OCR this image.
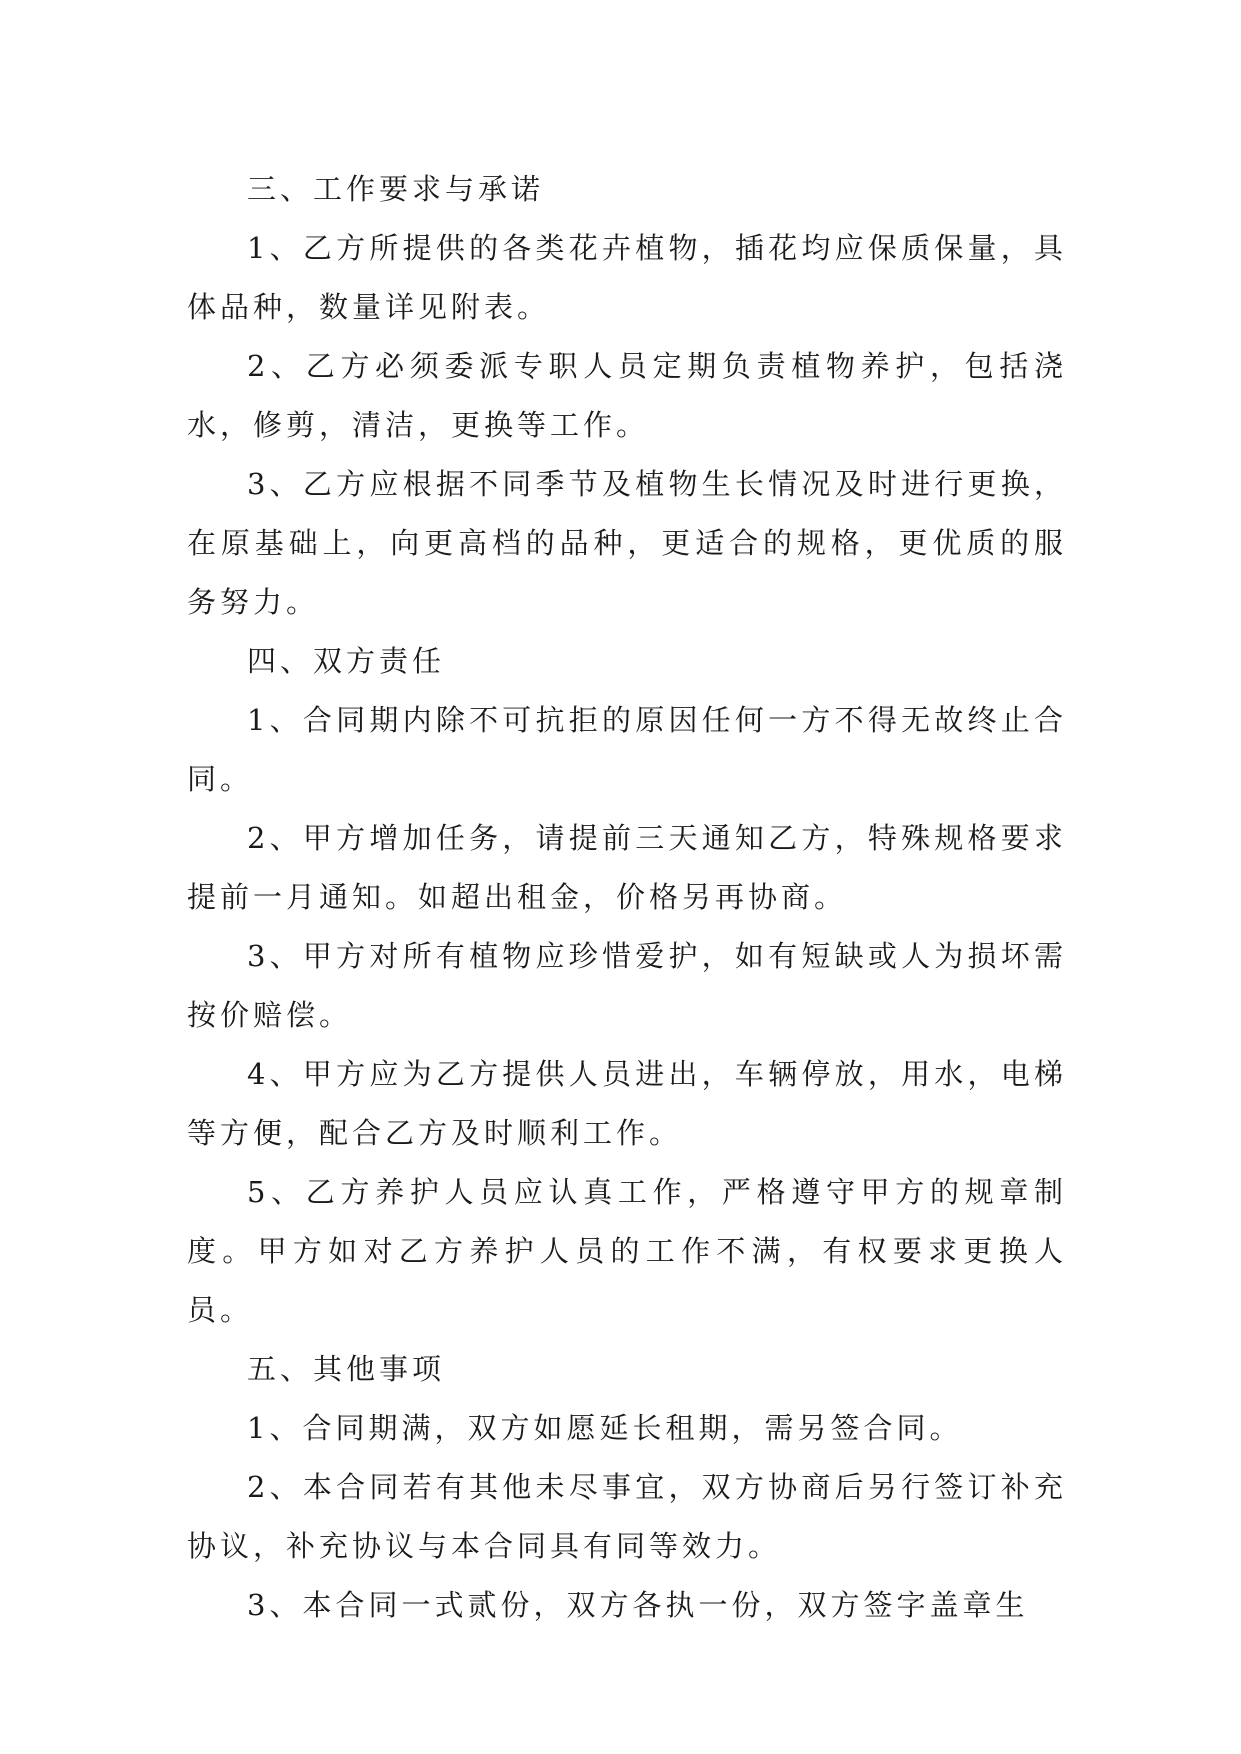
三、工作要求与承诺

1、乙方所提供的各类花卉植物，插花均应保质保量，具体品种，数量详见附表。

2、乙方必须委派专职人员定期负责植物养护，包括浇水，修剪，清洁，更换等工作。

3、乙方应根据不同季节及植物生长情况及时进行更换，在原基础上，向更高档的品种，更适合的规格，更优质的服务努力。

四、双方责任

1、合同期内除不可抗拒的原因任何一方不得无故终止合同。

2、甲方增加任务，请提前三天通知乙方，特殊规格要求提前一月通知。如超出租金，价格另再协商。

3、甲方对所有植物应珍惜爱护，如有短缺或人为损坏需按价赔偿。

4、甲方应为乙方提供人员进出，车辆停放，用水，电梯等方便，配合乙方及时顺利工作。

5、乙方养护人员应认真工作，严格遵守甲方的规章制度。甲方如对乙方养护人员的工作不满，有权要求更换人员。

五、其他事项

1、合同期满，双方如愿延长租期，需另签合同。

2、本合同若有其他未尽事宜，双方协商后另行签订补充协议，补充协议与本合同具有同等效力。

3、本合同一式贰份，双方各执一份，双方签字盖章生
